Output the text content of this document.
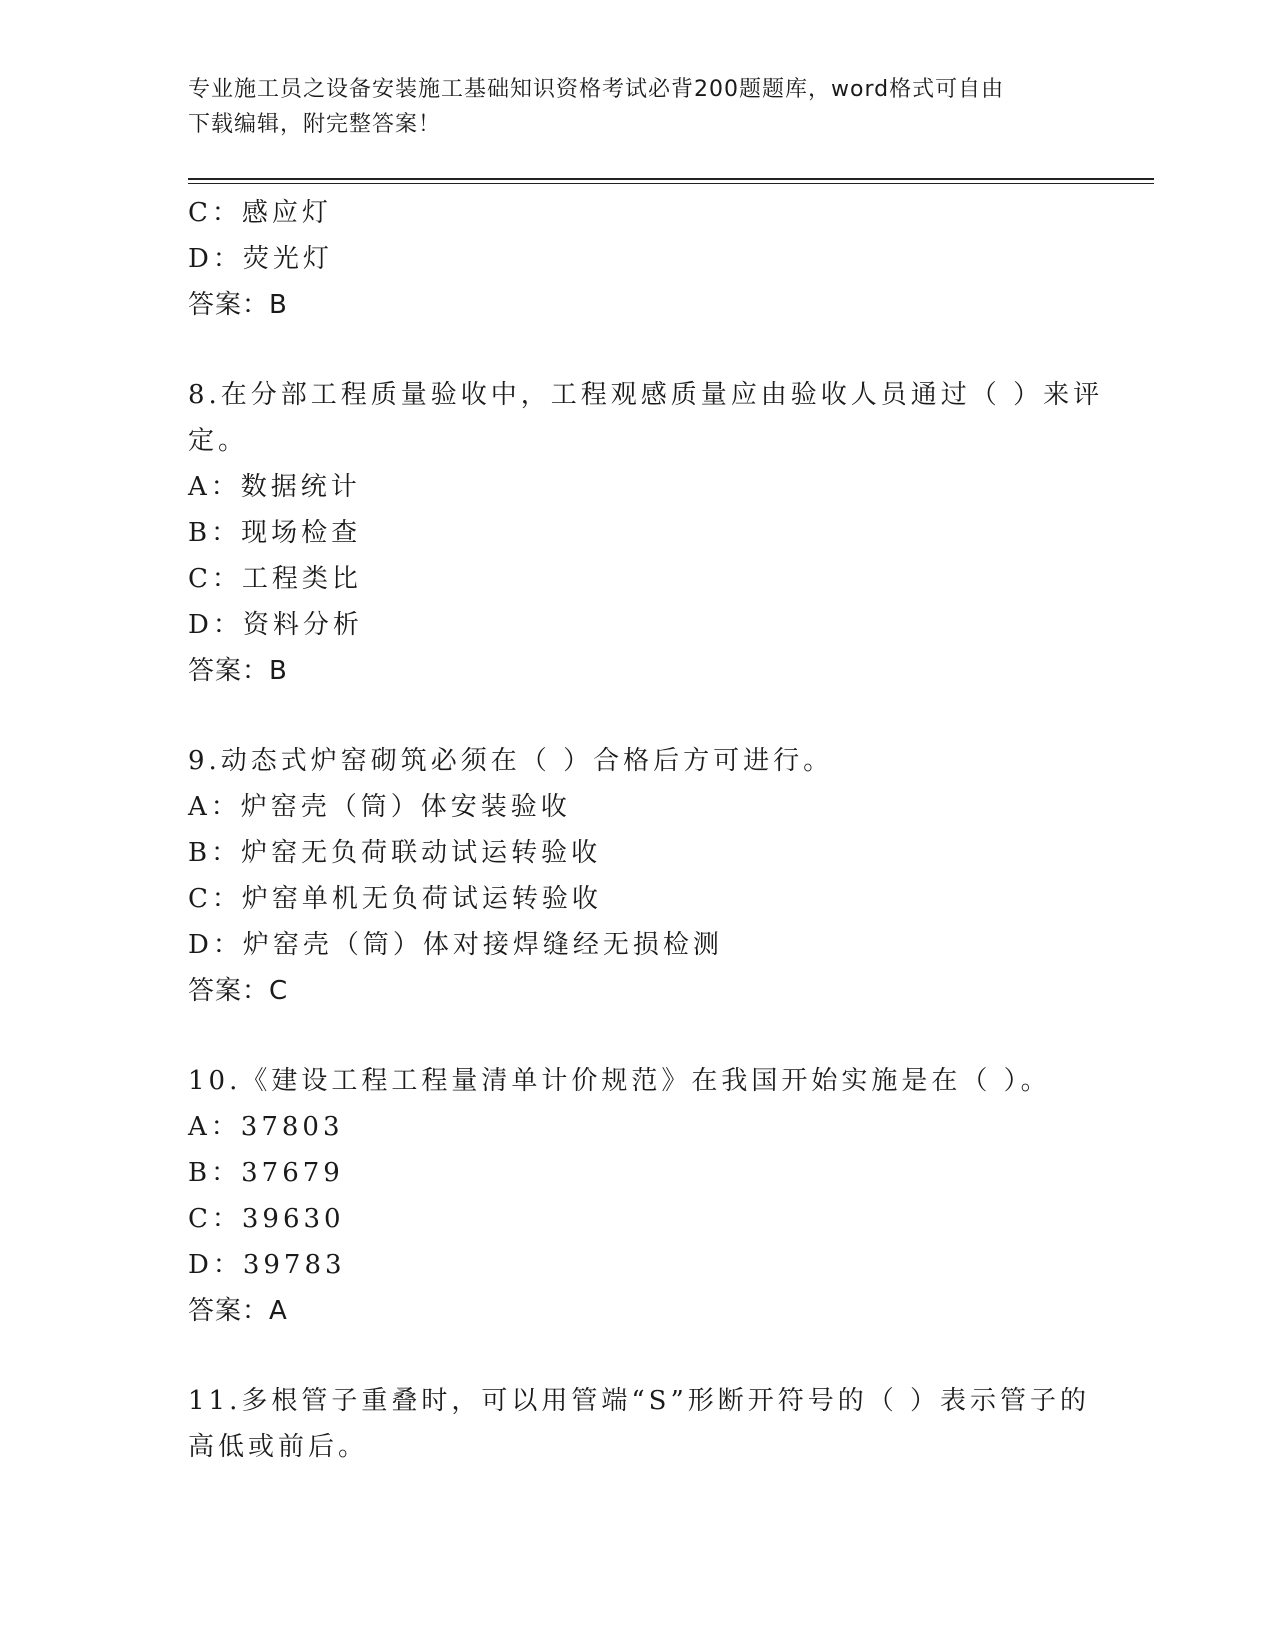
专业施工员之设备安装施工基础知识资格考试必背200题题库，word格式可自由
下载编辑，附完整答案！
C：感应灯
D：荧光灯
答案：B
8.在分部工程质量验收中，工程观感质量应由验收人员通过（ ）来评
定。
A：数据统计
B：现场检查
C：工程类比
D：资料分析
答案：B
9.动态式炉窑砌筑必须在（ ）合格后方可进行。
A：炉窑壳（筒）体安装验收
B：炉窑无负荷联动试运转验收
C：炉窑单机无负荷试运转验收
D：炉窑壳（筒）体对接焊缝经无损检测
答案：C
10.《建设工程工程量清单计价规范》在我国开始实施是在（ ）。
A：37803
B：37679
C：39630
D：39783
答案：A
11.多根管子重叠时，可以用管端“S”形断开符号的（ ）表示管子的
高低或前后。
